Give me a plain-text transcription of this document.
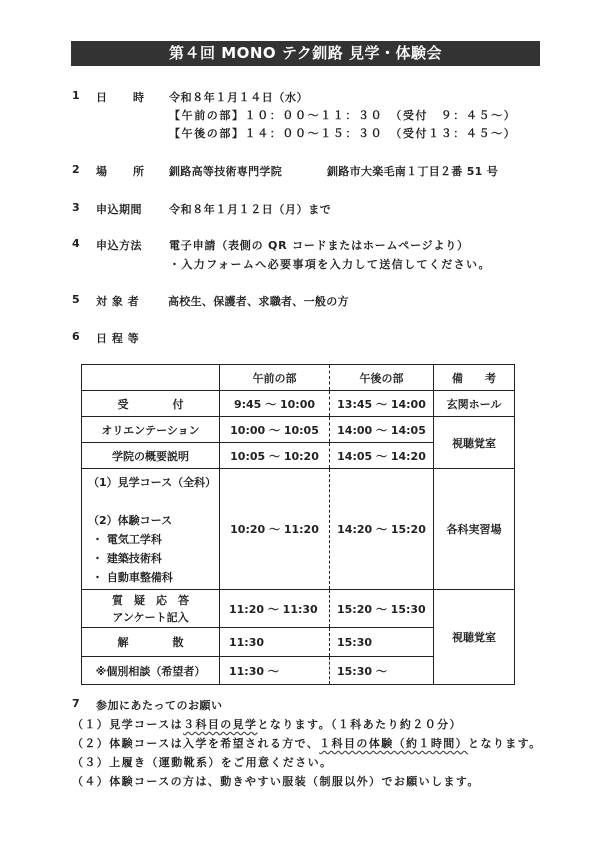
第４回 MONO テク釧路 見学・体験会
1 日 時 令和８年１月１４日（水）
【午前の部】１０：００～１１：３０　（受付　９：４５～）
【午後の部】１４：００～１５：３０　（受付１３：４５～）
2 場 所 釧路高等技術専門学院	釧路市大楽毛南１丁目２番 51 号
3 申込期間 令和８年１月１２日（月）まで
4 申込方法 電子申請（表側の QR コードまたはホームページより）
・入力フォームへ必要事項を入力して送信してください。
5 対 象 者	高校生、保護者、求職者、一般の方
6 日 程 等
	午前の部	午後の部	備　　考
受　　　　付	9:45 ～ 10:00	13:45 ～ 14:00	玄関ホール
オリエンテーション	10:00 ～ 10:05	14:00 ～ 14:05	視聴覚室
学院の概要説明	10:05 ～ 10:20	14:05 ～ 14:20	

（1）見学コース（全科）
（2）体験コース
・ 電気工学科
・ 建築技術科
・ 自動車整備科	10:20 ～ 11:20	14:20 ～ 15:20	各科実習場

質　疑　応　答
アンケート記入	11:20 ～ 11:30	15:20 ～ 15:30	視聴覚室
解　　　　散	11:30	15:30	
※個別相談（希望者）	11:30 ～	15:30 ～	
7 参加にあたってのお願い
（１）見学コースは３科目の見学となります。（１科あたり約２０分）
（２）体験コースは入学を希望される方で、１科目の体験（約１時間）となります。
（３）上履き（運動靴系）をご用意ください。
（４）体験コースの方は、動きやすい服装（制服以外）でお願いします。
